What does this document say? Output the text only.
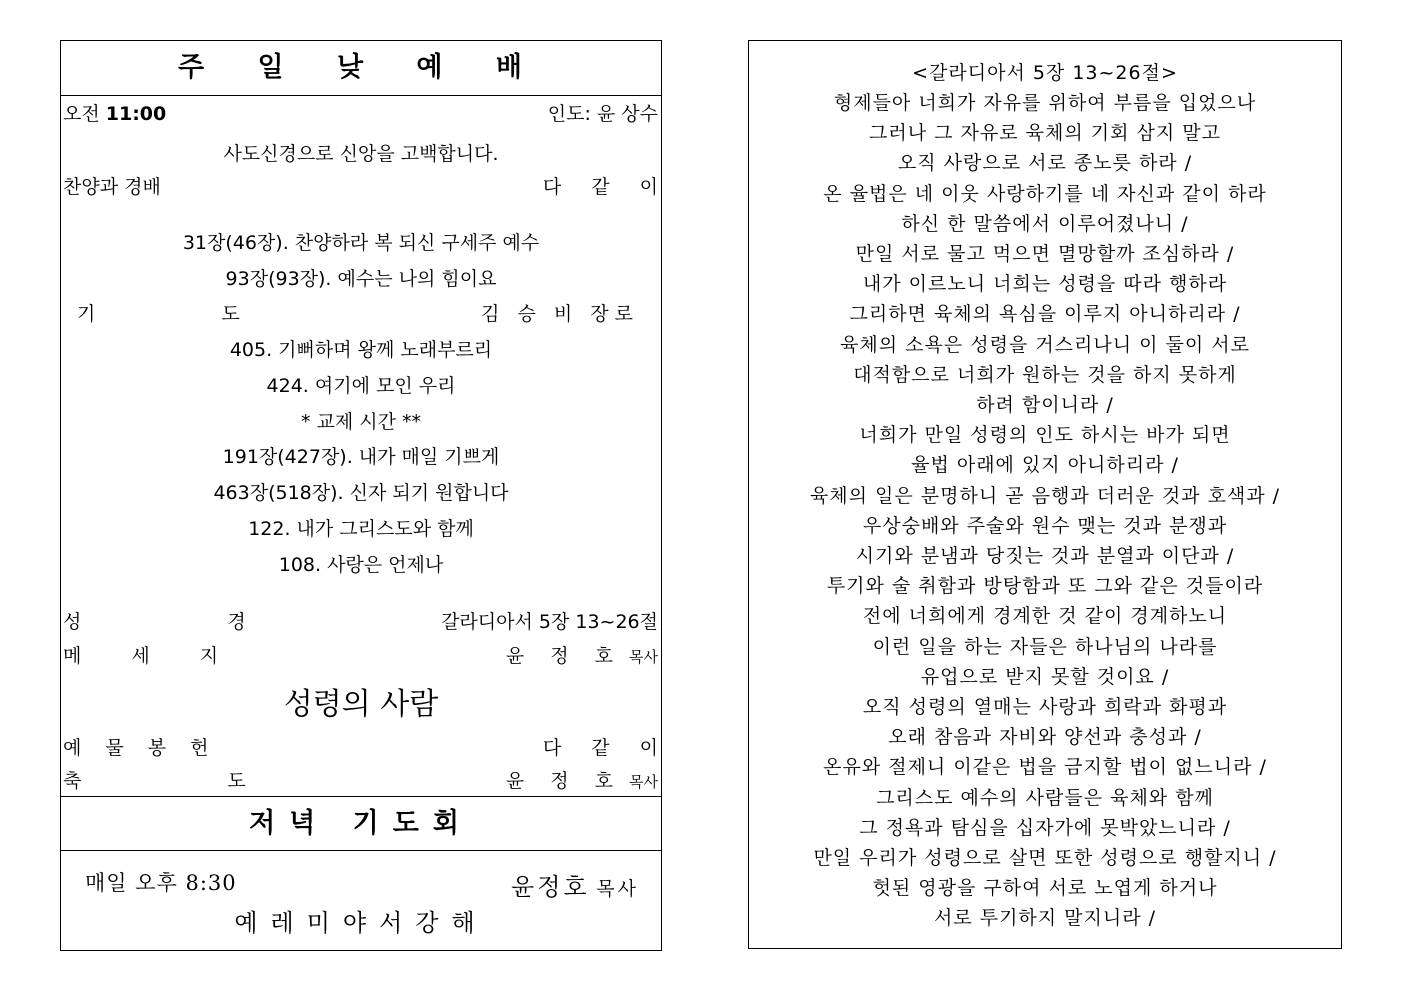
주 일 낮 예 배
오전 11:00	인도: 윤 상수
사도신경으로 신앙을 고백합니다.
찬양과 경배	다 같 이
31장(46장). 찬양하라 복 되신 구세주 예수
93장(93장). 예수는 나의 힘이요
기 도	김 승 비 장로
405. 기뻐하며 왕께 노래부르리
424. 여기에 모인 우리
* 교제 시간 **
191장(427장). 내가 매일 기쁘게
463장(518장). 신자 되기 원합니다
122. 내가 그리스도와 함께
108. 사랑은 언제나
성 경	갈라디아서 5장 13~26절
메 세 지	윤 정 호 목사
성령의 사람
예 물 봉 헌	다 같 이
축 도	윤 정 호 목사
저녁 기도회
매일 오후 8:30	윤정호 목사
예레미야서강해
<갈라디아서 5장 13~26절>
형제들아 너희가 자유를 위하여 부름을 입었으나
그러나 그 자유로 육체의 기회 삼지 말고
오직 사랑으로 서로 종노릇 하라 /
온 율법은 네 이웃 사랑하기를 네 자신과 같이 하라
하신 한 말씀에서 이루어졌나니 /
만일 서로 물고 먹으면 멸망할까 조심하라 /
내가 이르노니 너희는 성령을 따라 행하라
그리하면 육체의 욕심을 이루지 아니하리라 /
육체의 소욕은 성령을 거스리나니 이 둘이 서로
대적함으로 너희가 원하는 것을 하지 못하게
하려 함이니라 /
너희가 만일 성령의 인도 하시는 바가 되면
율법 아래에 있지 아니하리라 /
육체의 일은 분명하니 곧 음행과 더러운 것과 호색과 /
우상숭배와 주술와 원수 맺는 것과 분쟁과
시기와 분냄과 당짓는 것과 분열과 이단과 /
투기와 술 취함과 방탕함과 또 그와 같은 것들이라
전에 너희에게 경계한 것 같이 경계하노니
이런 일을 하는 자들은 하나님의 나라를
유업으로 받지 못할 것이요 /
오직 성령의 열매는 사랑과 희락과 화평과
오래 참음과 자비와 양선과 충성과 /
온유와 절제니 이같은 법을 금지할 법이 없느니라 /
그리스도 예수의 사람들은 육체와 함께
그 정욕과 탐심을 십자가에 못박았느니라 /
만일 우리가 성령으로 살면 또한 성령으로 행할지니 /
헛된 영광을 구하여 서로 노엽게 하거나
서로 투기하지 말지니라 /
